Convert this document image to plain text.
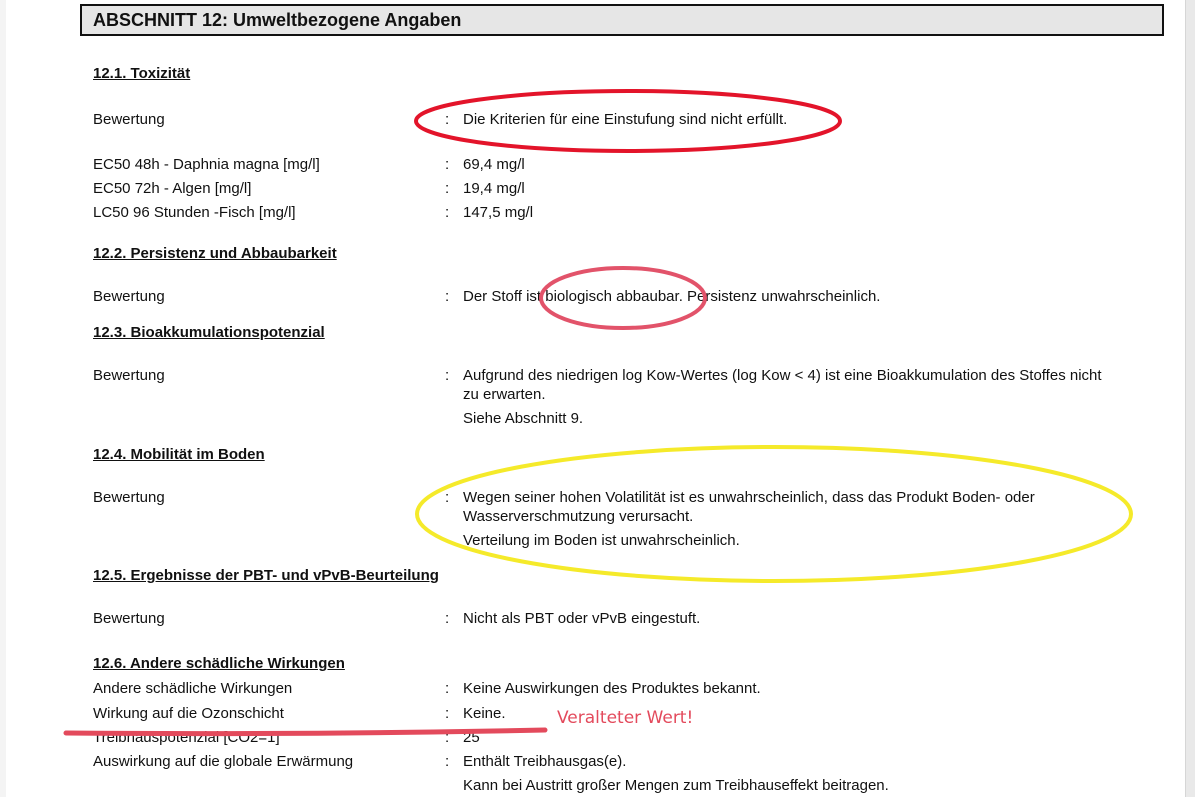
ABSCHNITT 12: Umweltbezogene Angaben
12.1. Toxizität
Bewertung	: Die Kriterien für eine Einstufung sind nicht erfüllt.
EC50 48h - Daphnia magna [mg/l]	: 69,4 mg/l
EC50 72h - Algen [mg/l]	: 19,4 mg/l
LC50 96 Stunden -Fisch [mg/l]	: 147,5 mg/l
12.2. Persistenz und Abbaubarkeit
Bewertung	: Der Stoff ist biologisch abbaubar. Persistenz unwahrscheinlich.
12.3. Bioakkumulationspotenzial
Bewertung	: Aufgrund des niedrigen log Kow-Wertes (log Kow < 4) ist eine Bioakkumulation des Stoffes nicht
zu erwarten.
Siehe Abschnitt 9.
12.4. Mobilität im Boden
Bewertung	: Wegen seiner hohen Volatilität ist es unwahrscheinlich, dass das Produkt Boden- oder
Wasserverschmutzung verursacht.
Verteilung im Boden ist unwahrscheinlich.
12.5. Ergebnisse der PBT- und vPvB-Beurteilung
Bewertung	: Nicht als PBT oder vPvB eingestuft.
12.6. Andere schädliche Wirkungen
Andere schädliche Wirkungen	: Keine Auswirkungen des Produktes bekannt.
Wirkung auf die Ozonschicht	: Keine.
Treibhauspotenzial [CO2=1]	: 25
Auswirkung auf die globale Erwärmung	: Enthält Treibhausgas(e).
Kann bei Austritt großer Mengen zum Treibhauseffekt beitragen.
Veralteter Wert!
